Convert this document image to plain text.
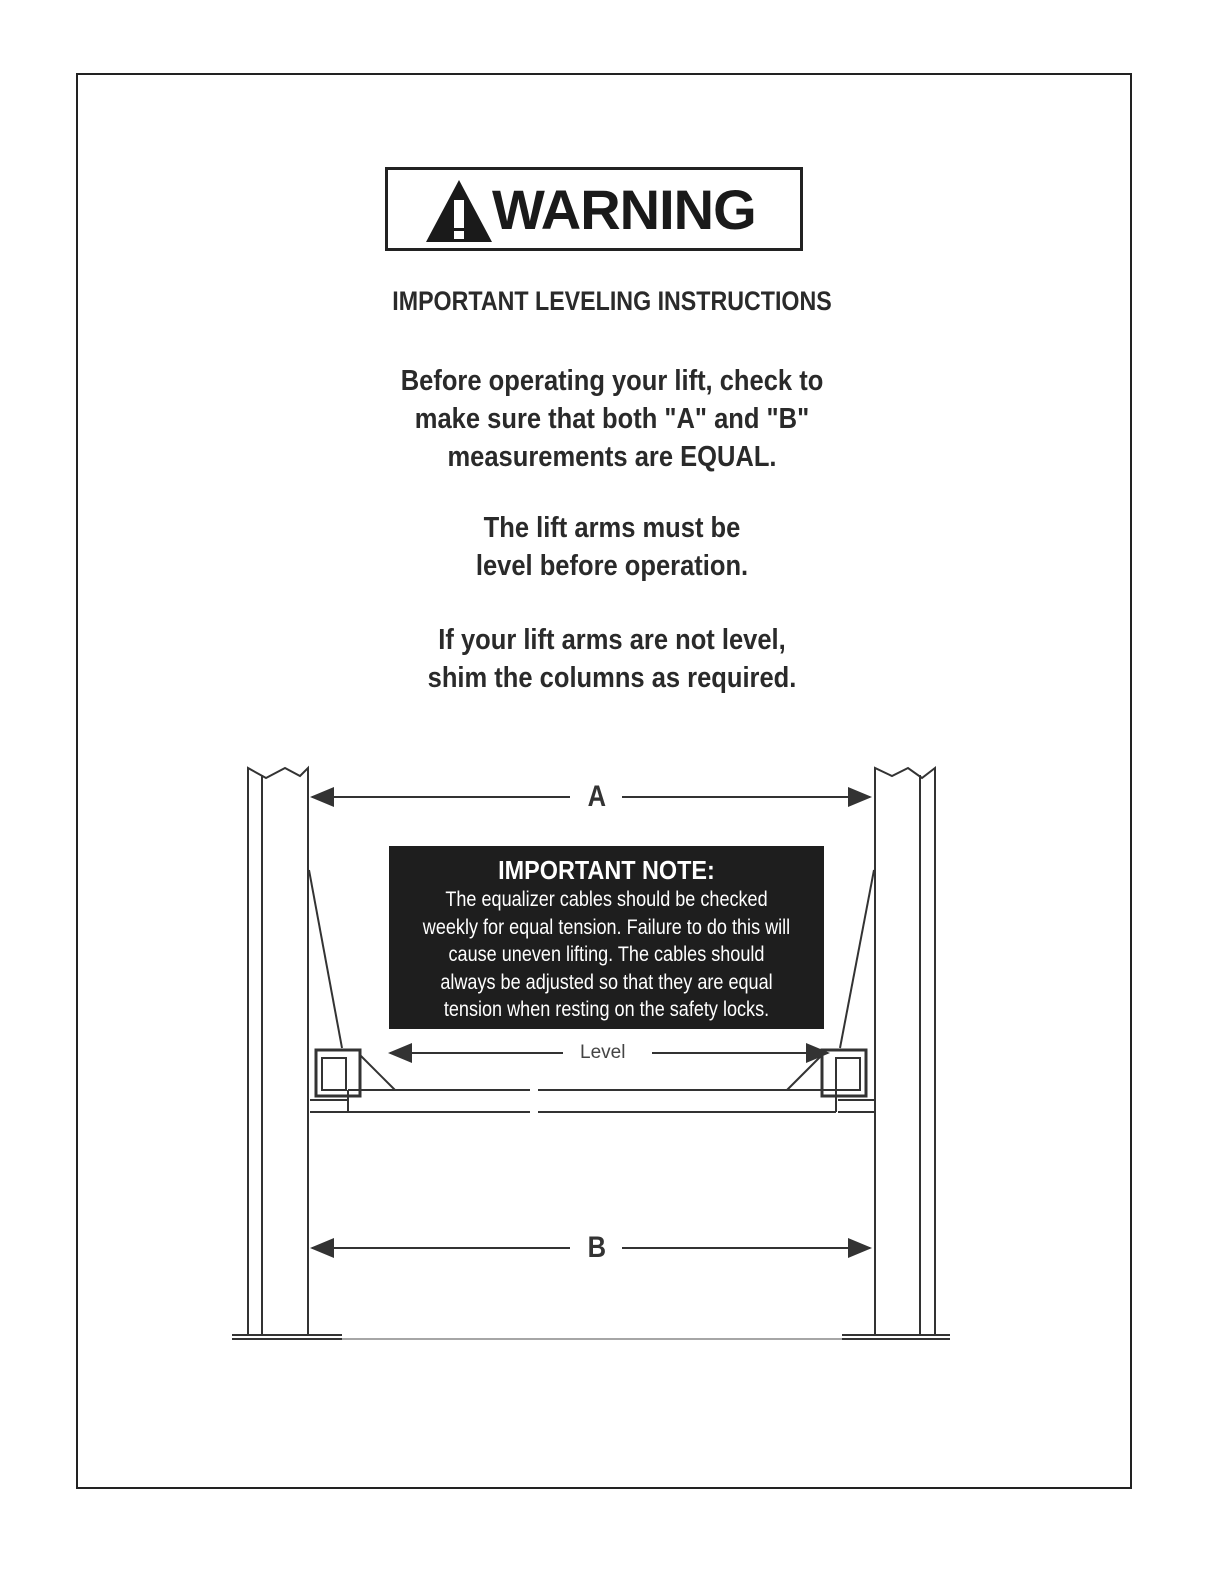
WARNING
IMPORTANT LEVELING INSTRUCTIONS
Before operating your lift, check to
make sure that both "A" and "B"
measurements are EQUAL.
The lift arms must be
level before operation.
If your lift arms are not level,
shim the columns as required.
A
B
IMPORTANT NOTE:
The equalizer cables should be checked
weekly for equal tension. Failure to do this will
cause uneven lifting. The cables should
always be adjusted so that they are equal
tension when resting on the safety locks.
Level
